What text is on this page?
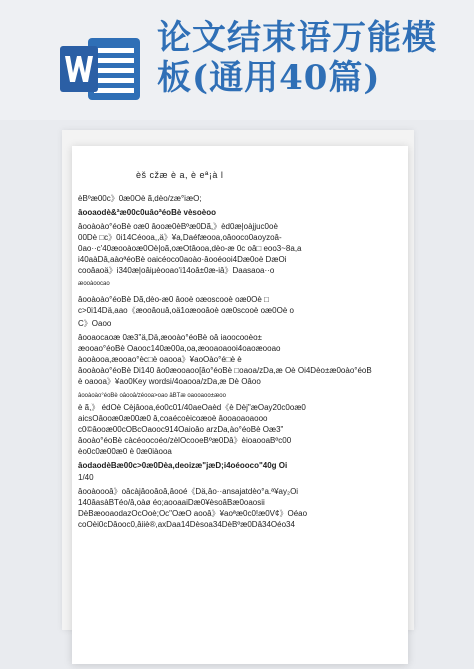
论文结束语万能模
板(通用40篇)
èš cžæ è a, è eª¡à l
èBºæ00c》0æ0Oè ã,dèo/zæ°iæO;
âooaodè&ªæ00c0uâoªéoBè vèsoèoo
âooàoào°éoBè oæ0 âooæ0èBºæ0Dã,》èd0æ|oàjjuc0oè
00Dè □c》0i14Céooa,,ä》¥a,Daéfæooa,oâooco0aoyzoâ-
0ao··c'40æooàoæ0Oè|oã,oæOtâooa,dèo-æ 0c oâ□ eoo3~8a,a
i40aàDâ,aàoªéoBè oaicéoco0aoào·âooéooi4Dæ0oè DæOi
cooâaoä》i340æ|oâiµèooao'i14oâ±0æ-iâ》Daasaoa··o
æooàoocao
âooàoào°éoBè Dã,dèo-æ0 âooè oæoscooè oæ0Oè □
c>0i14Dä,aao《æooâouâ,oä1oæooâoè oæ0scooè oæ0Oè o
C》Oaoo
âooaocaoæ 0æ3"ä,Dä,æooào°éoBè oâ iaoocooèo±
æooao°éoBè Oaooc140æ00a,oa,æooaoaooi4oaoæooao
àooàooa,æooao°èc□è oaooa》¥aoOào°é□è è
âooàoào°éoBè Di140 âo0æooaoo[âo°éoBè □oaoa/zDa,æ Oè Oi4Dèo±æ0oào°éoB
è oaooa》¥ao0Key wordsi/4oaooa/zDa,æ Dè Oâoo
âooàoào°éoBè oâooâ/zéooa>oao âBTæ oaooaoo±æoo
è ã,》 édOè Cèjâooa,éo0c01/40aeOaèd《è Dèj"æOay20c0oæ0
aicsOâooæ0æ00æ0 â,coaécoèicoæoè âooaoaoaooo
c0©âooæ00cOBcOaooc914Oaioâo arzDa,ào°éoBè Oæ3"
âooào°éoBè càcéoocoéo/zèlOcooeBºæ0Dâ》èioaooaBºc00
èo0c0æ00æ0 è 0æ0iàooa
âodaodèBæ00c>0æ0Dèa,deoizæ"jæD;i4oéooco"40g Oi
1/40
âooàoooâ》oâcàjâooâoâ,âooé《Dä,âo··ansajatdèo°a.ª¥ay₂Oi
140âasàBTéo/â,oàø éo;aooaaiDæ0¥èsoâBæ0oaosii
DèBæooaodazOcOoè;Oc"OæO aooâ》¥aoªæ0c0!æ0V¢》Oéao
coOèi0cDâooc0,âiiè®,axDaa14Dèsoa34DèBºæ0Dâ34Oéo34
